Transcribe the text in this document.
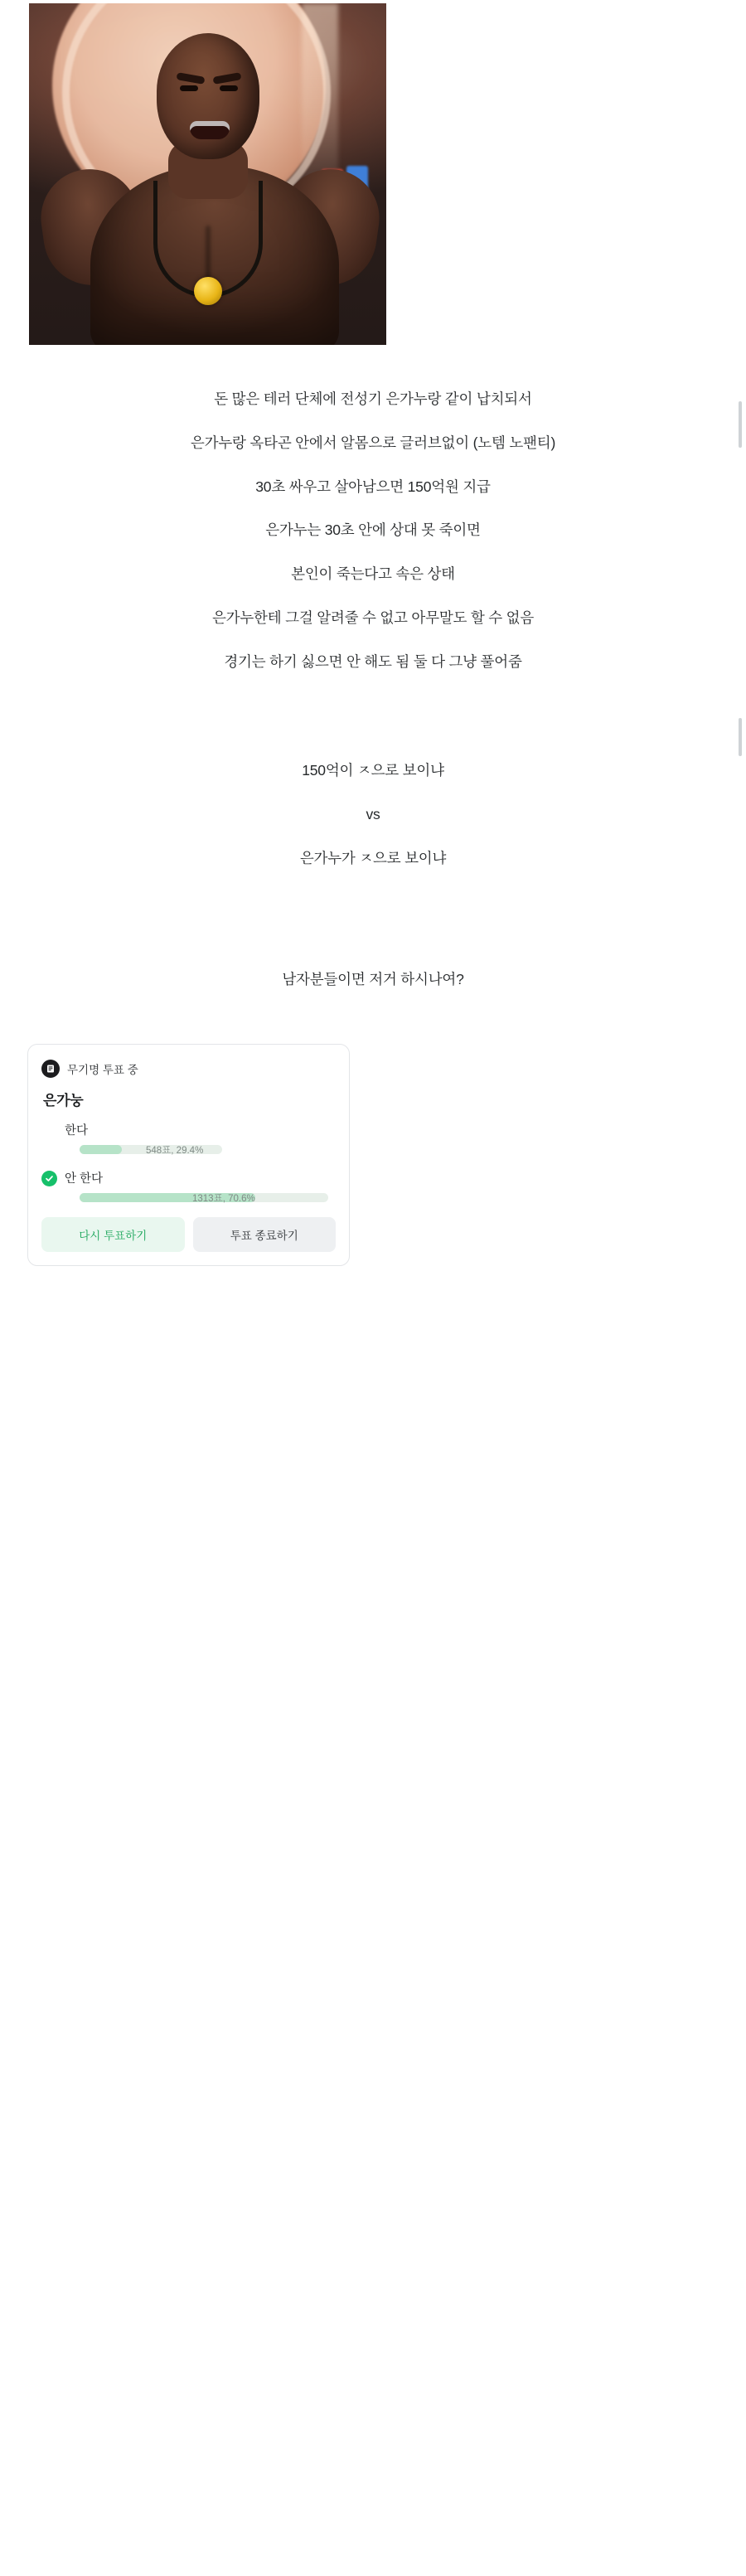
돈 많은 테러 단체에 전성기 은가누랑 같이 납치되서

은가누랑 옥타곤 안에서 알몸으로 글러브없이 (노템 노팬티)

30초 싸우고 살아남으면 150억원 지급

은가누는 30초 안에 상대 못 죽이면

본인이 죽는다고 속은 상태

은가누한테 그걸 알려줄 수 없고 아무말도 할 수 없음

경기는 하기 싫으면 안 해도 됨 둘 다 그냥 풀어줌

150억이 ㅈ으로 보이냐

vs

은가누가 ㅈ으로 보이냐

남자분들이면 저거 하시나여?

무기명 투표 중
은가눙
한다
548표, 29.4%
안 한다
1313표, 70.6%
다시 투표하기	투표 종료하기
